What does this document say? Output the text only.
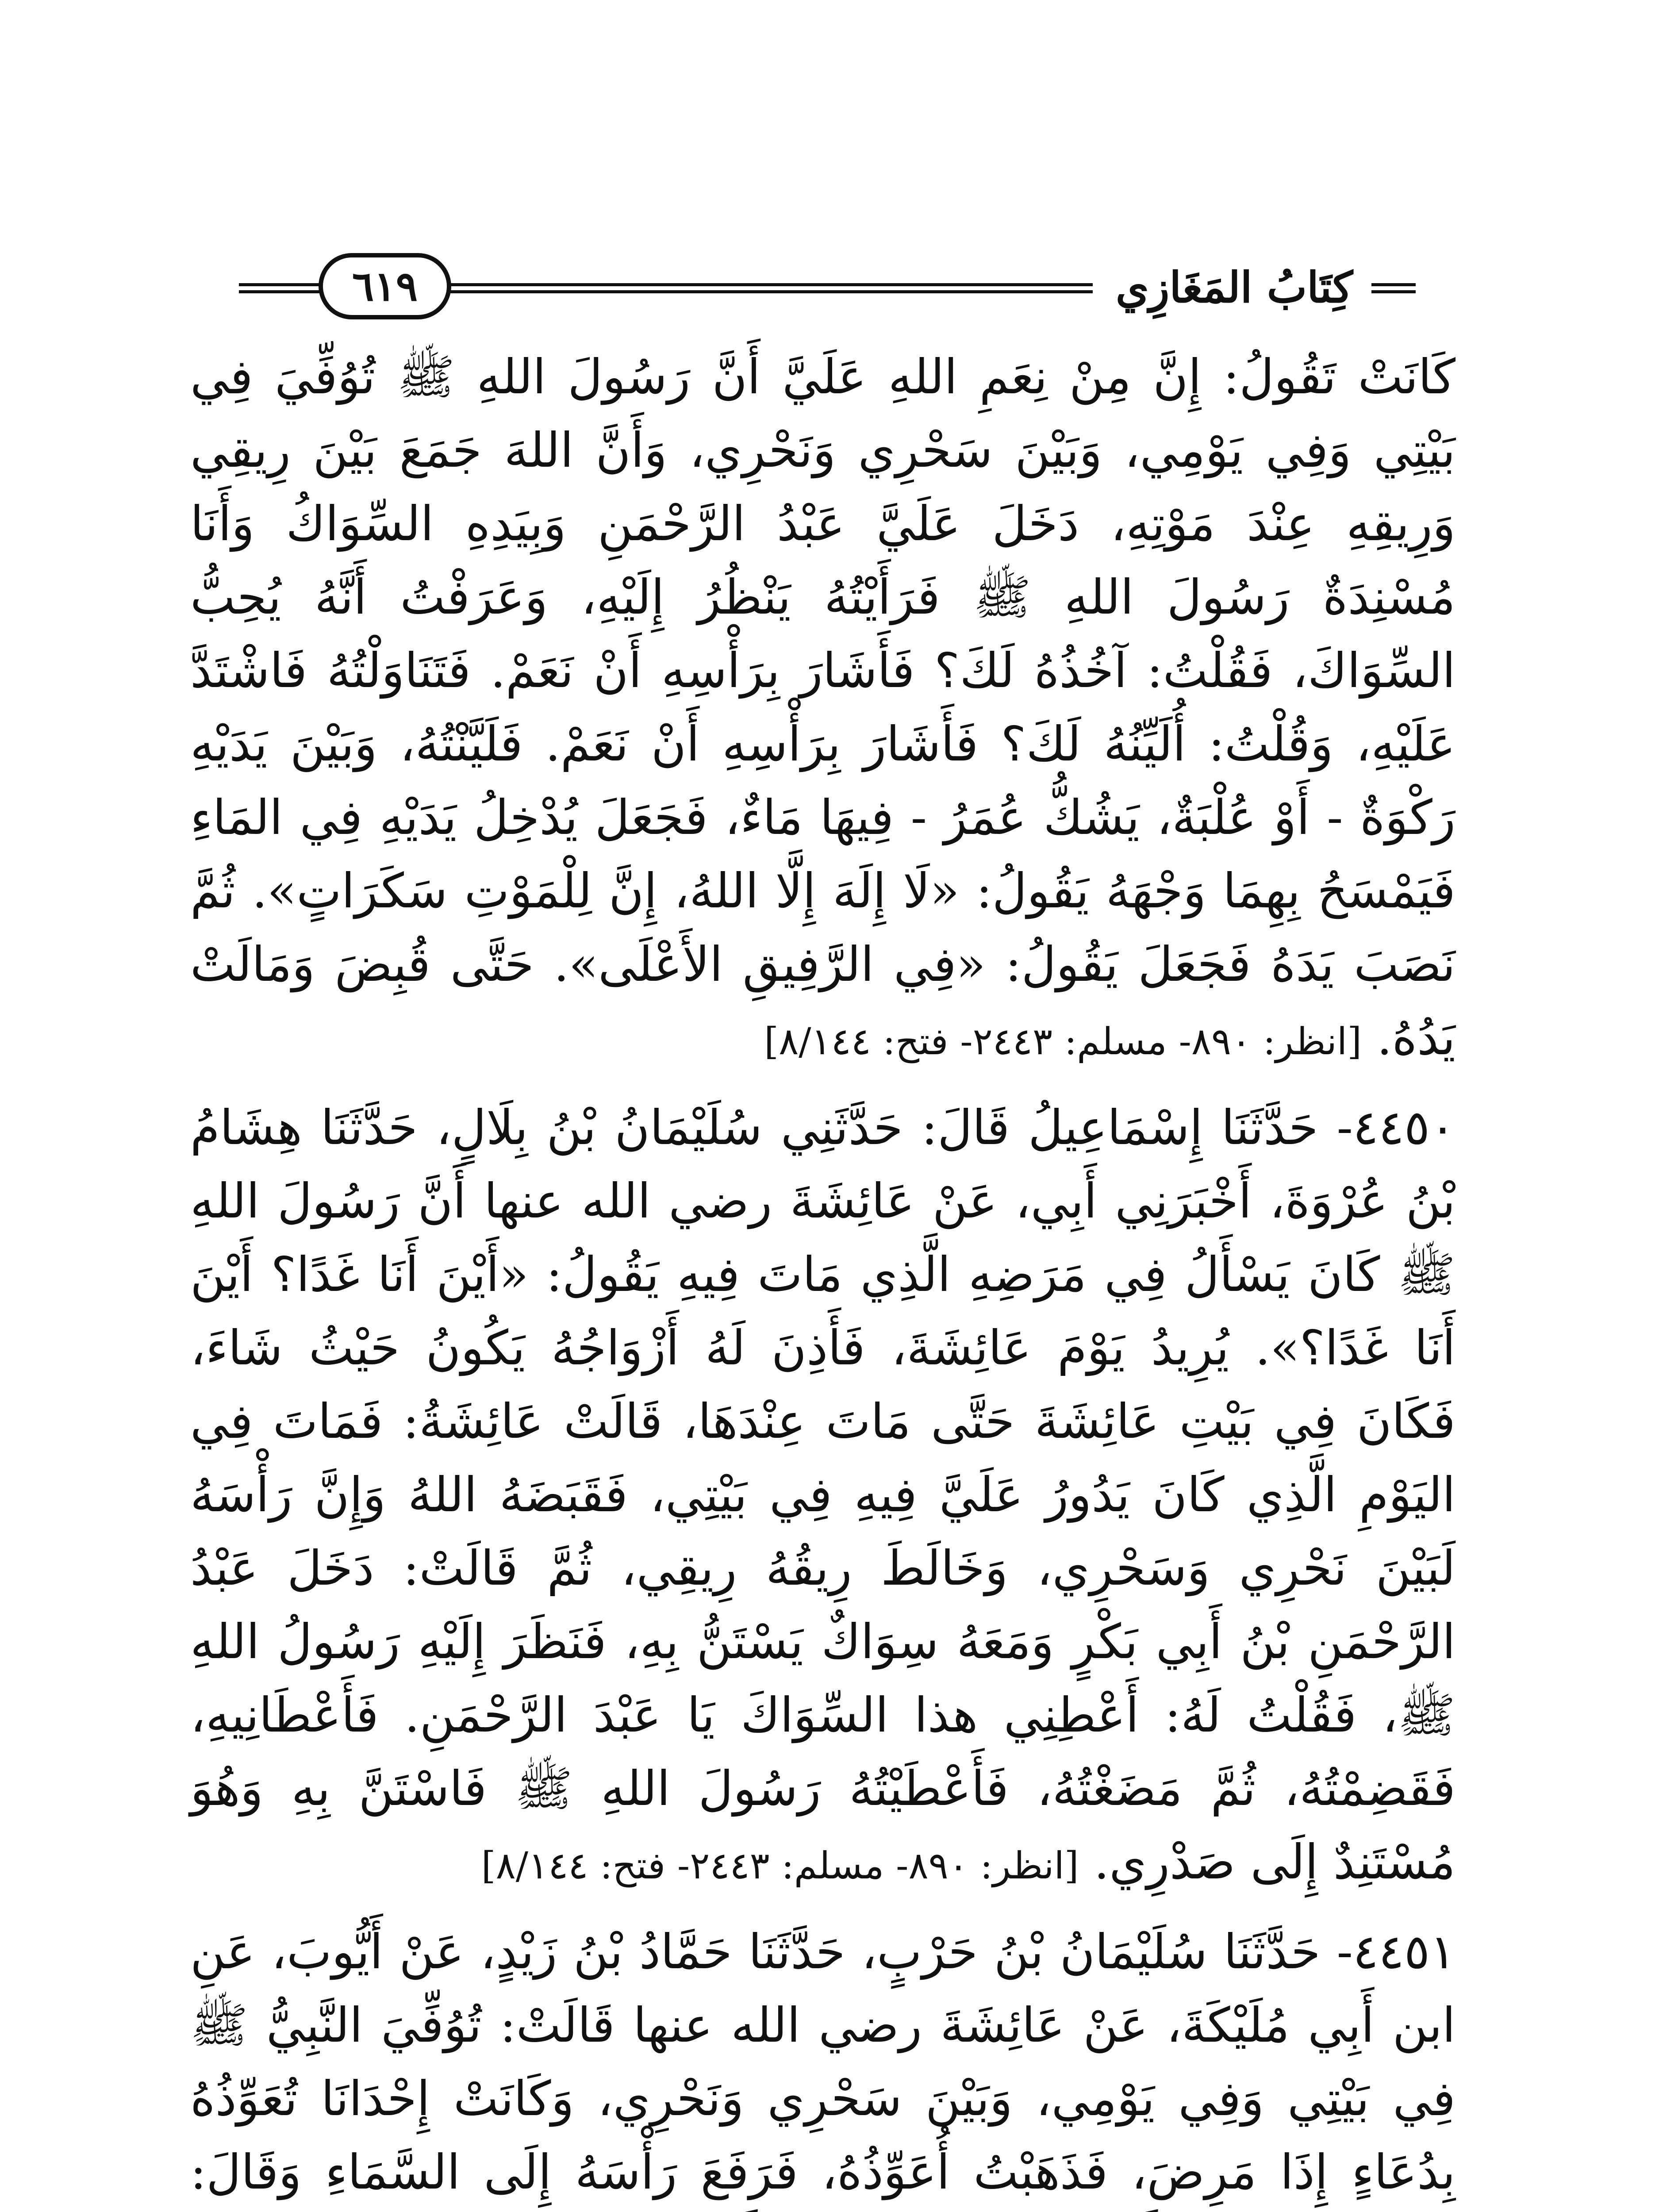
٦١٩	كِتَابُ المَغَازِي

كَانَتْ تَقُولُ: إِنَّ مِنْ نِعَمِ اللهِ عَلَيَّ أَنَّ رَسُولَ اللهِ ﷺ تُوُفِّيَ فِي بَيْتِي وَفِي يَوْمِي، وَبَيْنَ سَحْرِي وَنَحْرِي، وَأَنَّ اللهَ جَمَعَ بَيْنَ رِيقِي وَرِيقِهِ عِنْدَ مَوْتِهِ، دَخَلَ عَلَيَّ عَبْدُ الرَّحْمَنِ وَبِيَدِهِ السِّوَاكُ وَأَنَا مُسْنِدَةٌ رَسُولَ اللهِ ﷺ فَرَأَيْتُهُ يَنْظُرُ إِلَيْهِ، وَعَرَفْتُ أَنَّهُ يُحِبُّ السِّوَاكَ، فَقُلْتُ: آخُذُهُ لَكَ؟ فَأَشَارَ بِرَأْسِهِ أَنْ نَعَمْ. فَتَنَاوَلْتُهُ فَاشْتَدَّ عَلَيْهِ، وَقُلْتُ: أُلَيِّنُهُ لَكَ؟ فَأَشَارَ بِرَأْسِهِ أَنْ نَعَمْ. فَلَيَّنْتُهُ، وَبَيْنَ يَدَيْهِ رَكْوَةٌ - أَوْ عُلْبَةٌ، يَشُكُّ عُمَرُ - فِيهَا مَاءٌ، فَجَعَلَ يُدْخِلُ يَدَيْهِ فِي المَاءِ فَيَمْسَحُ بِهِمَا وَجْهَهُ يَقُولُ: «لَا إِلَهَ إِلَّا اللهُ، إِنَّ لِلْمَوْتِ سَكَرَاتٍ». ثُمَّ نَصَبَ يَدَهُ فَجَعَلَ يَقُولُ: «فِي الرَّفِيقِ الأَعْلَى». حَتَّى قُبِضَ وَمَالَتْ يَدُهُ. [انظر: ٨٩٠- مسلم: ٢٤٤٣- فتح: ٨/١٤٤]

٤٤٥٠- حَدَّثَنَا إِسْمَاعِيلُ قَالَ: حَدَّثَنِي سُلَيْمَانُ بْنُ بِلَالٍ، حَدَّثَنَا هِشَامُ بْنُ عُرْوَةَ، أَخْبَرَنِي أَبِي، عَنْ عَائِشَةَ رضي الله عنها أَنَّ رَسُولَ اللهِ ﷺ كَانَ يَسْأَلُ فِي مَرَضِهِ الَّذِي مَاتَ فِيهِ يَقُولُ: «أَيْنَ أَنَا غَدًا؟ أَيْنَ أَنَا غَدًا؟». يُرِيدُ يَوْمَ عَائِشَةَ، فَأَذِنَ لَهُ أَزْوَاجُهُ يَكُونُ حَيْثُ شَاءَ، فَكَانَ فِي بَيْتِ عَائِشَةَ حَتَّى مَاتَ عِنْدَهَا، قَالَتْ عَائِشَةُ: فَمَاتَ فِي اليَوْمِ الَّذِي كَانَ يَدُورُ عَلَيَّ فِيهِ فِي بَيْتِي، فَقَبَضَهُ اللهُ وَإِنَّ رَأْسَهُ لَبَيْنَ نَحْرِي وَسَحْرِي، وَخَالَطَ رِيقُهُ رِيقِي، ثُمَّ قَالَتْ: دَخَلَ عَبْدُ الرَّحْمَنِ بْنُ أَبِي بَكْرٍ وَمَعَهُ سِوَاكٌ يَسْتَنُّ بِهِ، فَنَظَرَ إِلَيْهِ رَسُولُ اللهِ ﷺ، فَقُلْتُ لَهُ: أَعْطِنِي هذا السِّوَاكَ يَا عَبْدَ الرَّحْمَنِ. فَأَعْطَانِيهِ، فَقَضِمْتُهُ، ثُمَّ مَضَغْتُهُ، فَأَعْطَيْتُهُ رَسُولَ اللهِ ﷺ فَاسْتَنَّ بِهِ وَهُوَ مُسْتَنِدٌ إِلَى صَدْرِي. [انظر: ٨٩٠- مسلم: ٢٤٤٣- فتح: ٨/١٤٤]

٤٤٥١- حَدَّثَنَا سُلَيْمَانُ بْنُ حَرْبٍ، حَدَّثَنَا حَمَّادُ بْنُ زَيْدٍ، عَنْ أَيُّوبَ، عَنِ ابن أَبِي مُلَيْكَةَ، عَنْ عَائِشَةَ رضي الله عنها قَالَتْ: تُوُفِّيَ النَّبِيُّ ﷺ فِي بَيْتِي وَفِي يَوْمِي، وَبَيْنَ سَحْرِي وَنَحْرِي، وَكَانَتْ إِحْدَانَا تُعَوِّذُهُ بِدُعَاءٍ إِذَا مَرِضَ، فَذَهَبْتُ أُعَوِّذُهُ، فَرَفَعَ رَأْسَهُ إِلَى السَّمَاءِ وَقَالَ:
